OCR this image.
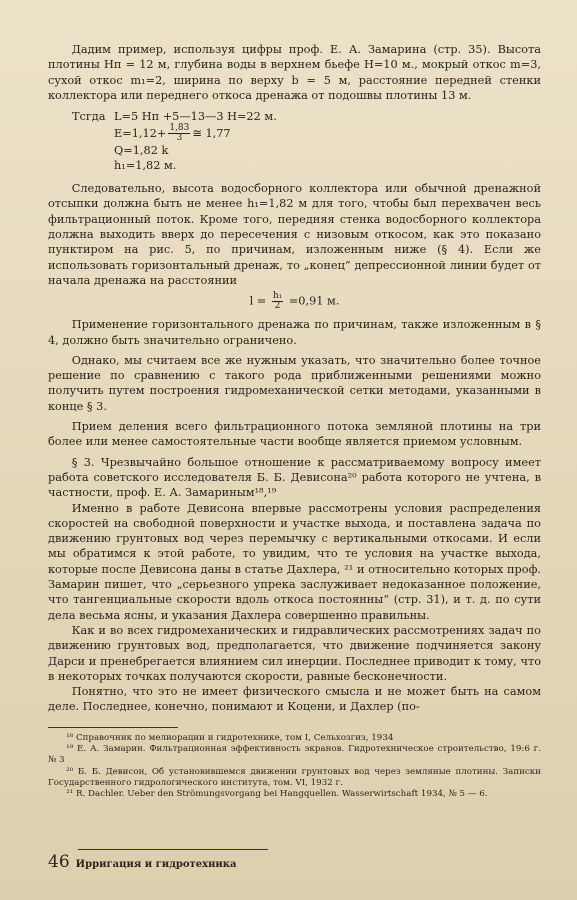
Дадим пример, используя цифры проф. Е. А. Замарина (стр. 35). Высота плотины Hп = 12 м, глубина воды в верхнем бьефе H=10 м., мокрый откос m=3, сухой откос m₁=2, ширина по верху b = 5 м, расстояние передней стенки коллектора или переднего откоса дренажа от подошвы плотины 13 м.

Тсгда L=5 Hп +5—13—3 H=22 м.
$E=1,12+ \frac{1,83}{3}$ ≅ 1,77
Q=1,82 k
h₁=1,82 м.

Следовательно, высота водосборного коллектора или обычной дренажной отсыпки должна быть не менее h₁=1,82 м для того, чтобы был перехвачен весь фильтрационный поток. Кроме того, передняя стенка водосборного коллектора должна выходить вверх до пересечения с низовым откосом, как это показано пунктиром на рис. 5, по причинам, изложенным ниже (§ 4). Если же использовать горизонтальный дренаж, то „конец“ депрессионной линии будет от начала дренажа на расстоянии

$l = \frac{\text{h₁}}{2} =0,91$ м.

Применение горизонтального дренажа по причинам, также изложенным в § 4, должно быть значительно ограничено.

Однако, мы считаем все же нужным указать, что значительно более точное решение по сравнению с такого рода приближенными решениями можно получить путем построения гидромеханической сетки методами, указанными в конце § 3.

Прием деления всего фильтрационного потока земляной плотины на три более или менее самостоятельные части вообще является приемом условным.

§ 3. Чрезвычайно большое отношение к рассматриваемому вопросу имеет работа советского исследователя Б. Б. Девисона²⁰ работа которого не учтена, в частности, проф. Е. А. Замариным¹⁸,¹⁹

Именно в работе Девисона впервые рассмотрены условия распределения скоростей на свободной поверхности и участке выхода, и поставлена задача по движению грунтовых вод через перемычку с вертикальными откосами. И если мы обратимся к этой работе, то увидим, что те условия на участке выхода, которые после Девисона даны в статье Дахлера, ²¹ и относительно которых проф. Замарин пишет, что „серьезного упрека заслуживает недоказанное положение, что тангенциальные скорости вдоль откоса постоянны“ (стр. 31), и т. д. по сути дела весьма ясны, и указания Дахлера совершенно правильны.

Как и во всех гидромеханических и гидравлических рассмотрениях задач по движению грунтовых вод, предполагается, что движение подчиняется закону Дарси и пренебрегается влиянием сил инерции. Последнее приводит к тому, что в некоторых точках получаются скорости, равные бесконечности.

Понятно, что это не имеет физического смысла и не может быть на самом деле. Последнее, конечно, понимают и Коцени, и Дахлер (по-

¹⁸ Справочник по мелиорации и гидротехнике, том I, Сельхозгиз, 1934

¹⁹ Е. А. Замарин. Фильтрационная эффективность экранов. Гидротехническое строительство, 19:6 г. № 3

²⁰ Б. Б. Девисон, Об установившемся движении грунтовых вод через земляные плотины. Записки Государственного гидрологического института, том. VI, 1932 г.

²¹ R. Dachler. Ueber den Strömungsvorgang bei Hangquellen. Wasserwirtschaft 1934, № 5 — 6.

46 Ирригация и гидротехника
